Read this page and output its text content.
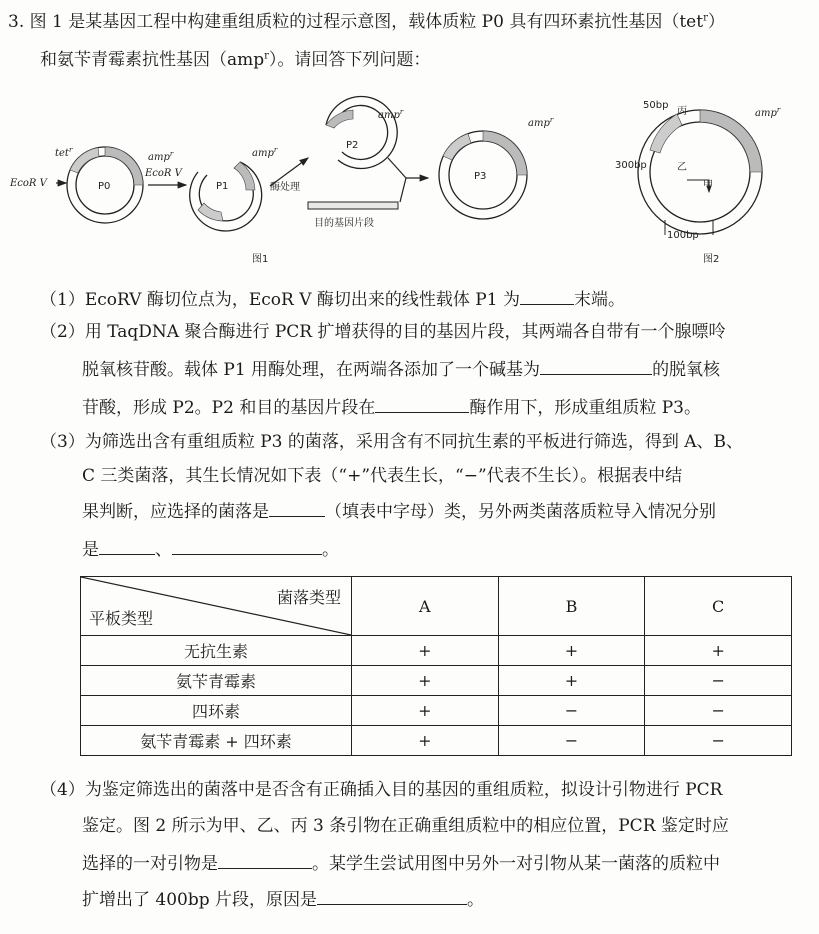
3. 图 1 是某基因工程中构建重组质粒的过程示意图，载体质粒 P0 具有四环素抗性基因（tet$^r$）
和氨苄青霉素抗性基因（amp$^r$）。请回答下列问题：
P0
tet$^r$
EcoR V
amp$^r$
EcoR V
P1
amp$^r$
酶处理
P2
amp$^r$
目的基因片段
P3
amp$^r$
图1
50bp
丙	amp$^r$
300bp	乙
甲
100bp
图2
（1）EcoRV 酶切位点为，EcoR V 酶切出来的线性载体 P1 为	末端。
（2）用 TaqDNA 聚合酶进行 PCR 扩增获得的目的基因片段，其两端各自带有一个腺嘌呤
脱氧核苷酸。载体 P1 用酶处理，在两端各添加了一个碱基为	的脱氧核
苷酸，形成 P2。P2 和目的基因片段在	酶作用下，形成重组质粒 P3。
（3）为筛选出含有重组质粒 P3 的菌落，采用含有不同抗生素的平板进行筛选，得到 A、B、
C 三类菌落，其生长情况如下表（“+”代表生长，“−”代表不生长）。根据表中结
果判断，应选择的菌落是	（填表中字母）类，另外两类菌落质粒导入情况分别
是	、	。
菌落类型
平板类型	A	B	C
无抗生素	+	+	+
氨苄青霉素	+	+	−
四环素	+	−	−
氨苄青霉素 + 四环素	+	−	−
（4）为鉴定筛选出的菌落中是否含有正确插入目的基因的重组质粒，拟设计引物进行 PCR
鉴定。图 2 所示为甲、乙、丙 3 条引物在正确重组质粒中的相应位置，PCR 鉴定时应
选择的一对引物是	。某学生尝试用图中另外一对引物从某一菌落的质粒中
扩增出了 400bp 片段，原因是	。
